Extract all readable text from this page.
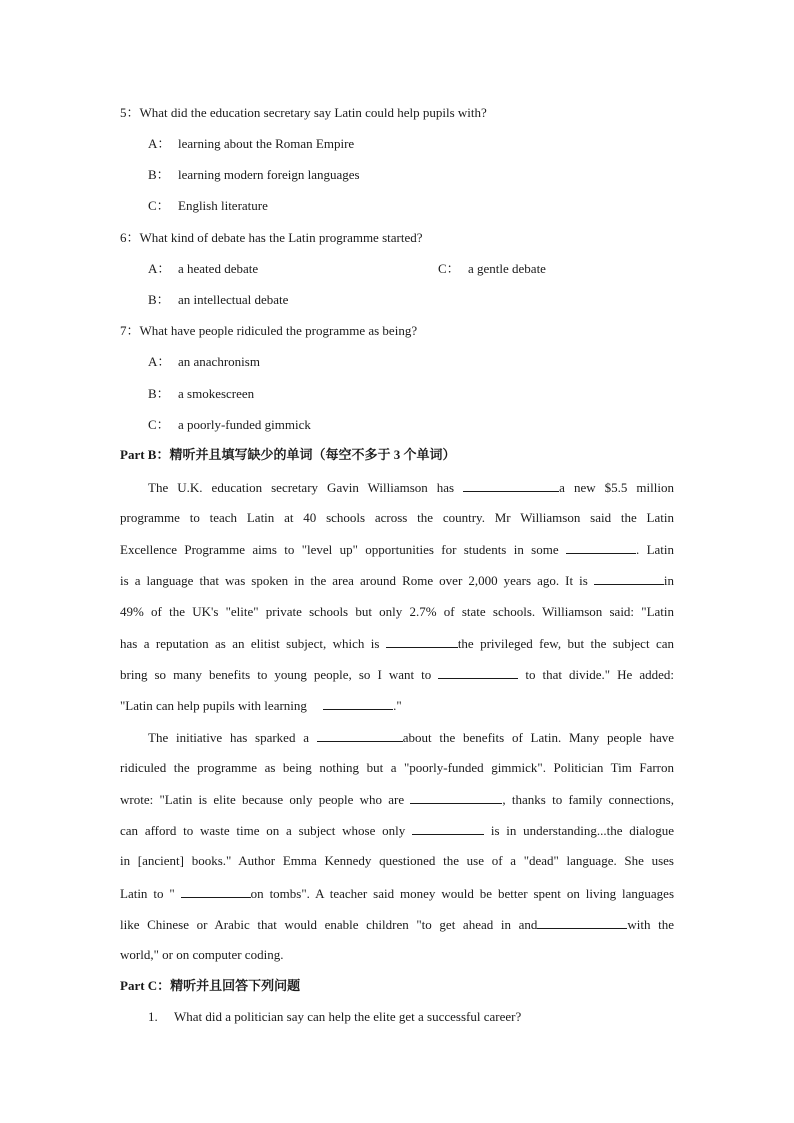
5：What did the education secretary say Latin could help pupils with?
A： learning about the Roman Empire
B： learning modern foreign languages
C： English literature
6：What kind of debate has the Latin programme started?
A： a heated debate	C： a gentle debate
B： an intellectual debate
7：What have people ridiculed the programme as being?
A： an anachronism
B： a smokescreen
C： a poorly-funded gimmick
Part B：精听并且填写缺少的单词（每空不多于 3 个单词）
The U.K. education secretary Gavin Williamson has	a new $5.5 million
programme to teach Latin at 40 schools across the country. Mr Williamson said the Latin
Excellence Programme aims to "level up" opportunities for students in some	. Latin
is a language that was spoken in the area around Rome over 2,000 years ago. It is	in
49% of the UK's "elite" private schools but only 2.7% of state schools. Williamson said: "Latin
has a reputation as an elitist subject, which is	the privileged few, but the subject can
bring so many benefits to young people, so I want to	to that divide." He added:
"Latin can help pupils with learning	."
The initiative has sparked a	about the benefits of Latin. Many people have
ridiculed the programme as being nothing but a "poorly-funded gimmick". Politician Tim Farron
wrote: "Latin is elite because only people who are	, thanks to family connections,
can afford to waste time on a subject whose only	is in understanding...the dialogue
in [ancient] books." Author Emma Kennedy questioned the use of a "dead" language. She uses
Latin to "	on tombs". A teacher said money would be better spent on living languages
like Chinese or Arabic that would enable children "to get ahead in and	with the
world," or on computer coding.
Part C：精听并且回答下列问题
1. What did a politician say can help the elite get a successful career?
